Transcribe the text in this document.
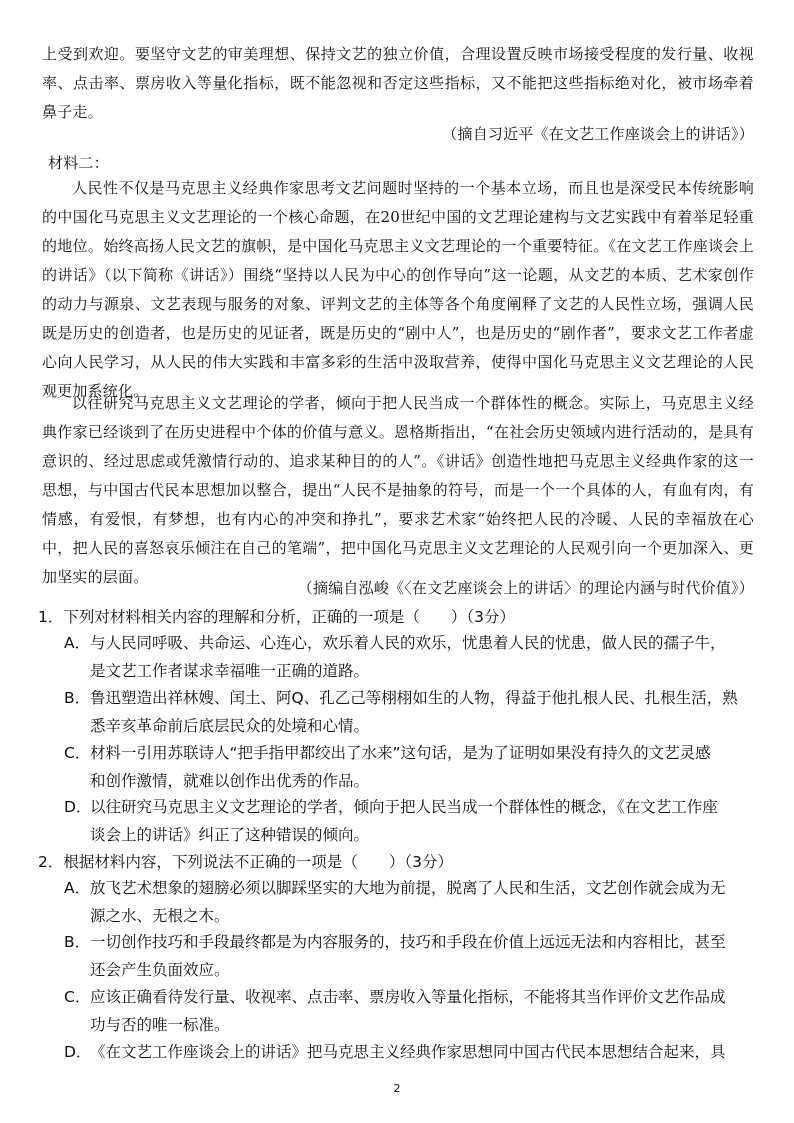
上受到欢迎。要坚守文艺的审美理想、保持文艺的独立价值，合理设置反映市场接受程度的发行量、收视率、点击率、票房收入等量化指标，既不能忽视和否定这些指标，又不能把这些指标绝对化，被市场牵着鼻子走。

（摘自习近平《在文艺工作座谈会上的讲话》）

材料二：

人民性不仅是马克思主义经典作家思考文艺问题时坚持的一个基本立场，而且也是深受民本传统影响的中国化马克思主义文艺理论的一个核心命题，在20世纪中国的文艺理论建构与文艺实践中有着举足轻重的地位。始终高扬人民文艺的旗帜，是中国化马克思主义文艺理论的一个重要特征。《在文艺工作座谈会上的讲话》（以下简称《讲话》）围绕“坚持以人民为中心的创作导向”这一论题，从文艺的本质、艺术家创作的动力与源泉、文艺表现与服务的对象、评判文艺的主体等各个角度阐释了文艺的人民性立场，强调人民既是历史的创造者，也是历史的见证者，既是历史的“剧中人”，也是历史的“剧作者”，要求文艺工作者虚心向人民学习，从人民的伟大实践和丰富多彩的生活中汲取营养，使得中国化马克思主义文艺理论的人民观更加系统化。

以往研究马克思主义文艺理论的学者，倾向于把人民当成一个群体性的概念。实际上，马克思主义经典作家已经谈到了在历史进程中个体的价值与意义。恩格斯指出，“在社会历史领域内进行活动的，是具有意识的、经过思虑或凭激情行动的、追求某种目的的人”。《讲话》创造性地把马克思主义经典作家的这一思想，与中国古代民本思想加以整合，提出“人民不是抽象的符号，而是一个一个具体的人，有血有肉，有情感，有爱恨，有梦想，也有内心的冲突和挣扎”，要求艺术家“始终把人民的冷暖、人民的幸福放在心中，把人民的喜怒哀乐倾注在自己的笔端”，把中国化马克思主义文艺理论的人民观引向一个更加深入、更加坚实的层面。

（摘编自泓峻《〈在文艺座谈会上的讲话〉的理论内涵与时代价值》）

1．下列对材料相关内容的理解和分析，正确的一项是（　　）（3分）
A．与人民同呼吸、共命运、心连心，欢乐着人民的欢乐，忧患着人民的忧患，做人民的孺子牛，
是文艺工作者谋求幸福唯一正确的道路。
B．鲁迅塑造出祥林嫂、闰土、阿Q、孔乙己等栩栩如生的人物，得益于他扎根人民、扎根生活，熟
悉辛亥革命前后底层民众的处境和心情。
C．材料一引用苏联诗人“把手指甲都绞出了水来”这句话，是为了证明如果没有持久的文艺灵感
和创作激情，就难以创作出优秀的作品。
D．以往研究马克思主义文艺理论的学者，倾向于把人民当成一个群体性的概念，《在文艺工作座
谈会上的讲话》纠正了这种错误的倾向。
2．根据材料内容，下列说法不正确的一项是（　　）（3分）
A．放飞艺术想象的翅膀必须以脚踩坚实的大地为前提，脱离了人民和生活，文艺创作就会成为无
源之水、无根之木。
B．一切创作技巧和手段最终都是为内容服务的，技巧和手段在价值上远远无法和内容相比，甚至
还会产生负面效应。
C．应该正确看待发行量、收视率、点击率、票房收入等量化指标，不能将其当作评价文艺作品成
功与否的唯一标准。
D．《在文艺工作座谈会上的讲话》把马克思主义经典作家思想同中国古代民本思想结合起来，具
2
